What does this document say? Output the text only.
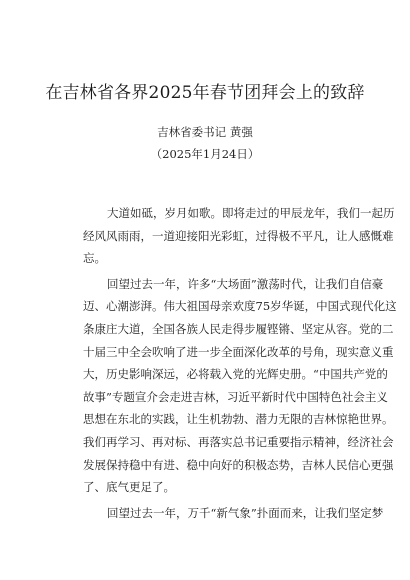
在吉林省各界2025年春节团拜会上的致辞
吉林省委书记 黄强
（2025年1月24日）
大道如砥，岁月如歌。即将走过的甲辰龙年，我们一起历
经风风雨雨，一道迎接阳光彩虹，过得极不平凡，让人感慨难
忘。
回望过去一年，许多“大场面”激荡时代，让我们自信豪
迈、心潮澎湃。伟大祖国母亲欢度75岁华诞，中国式现代化这
条康庄大道，全国各族人民走得步履铿锵、坚定从容。党的二
十届三中全会吹响了进一步全面深化改革的号角，现实意义重
大，历史影响深远，必将载入党的光辉史册。“中国共产党的
故事”专题宣介会走进吉林，习近平新时代中国特色社会主义
思想在东北的实践，让生机勃勃、潜力无限的吉林惊艳世界。
我们再学习、再对标、再落实总书记重要指示精神，经济社会
发展保持稳中有进、稳中向好的积极态势，吉林人民信心更强
了、底气更足了。
回望过去一年，万千“新气象”扑面而来，让我们坚定梦
